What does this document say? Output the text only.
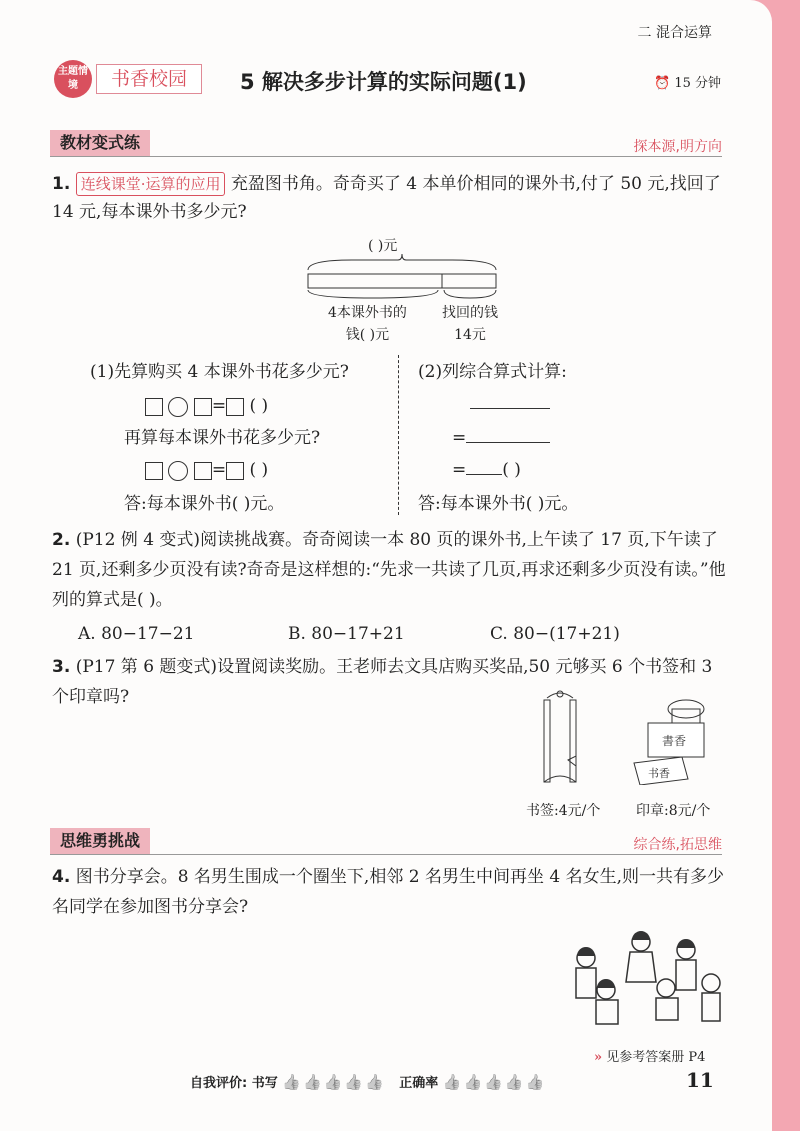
二 混合运算
主题情境	书香校园	5 解决多步计算的实际问题(1)	⏰ 15 分钟
教材变式练	探本源,明方向
1. 连线课堂·运算的应用 充盈图书角。奇奇买了 4 本单价相同的课外书,付了 50 元,找回了 14 元,每本课外书多少元?
( )元
4本课外书的
钱( )元
找回的钱
14元
(1)先算购买 4 本课外书花多少元?
= ( )
再算每本课外书花多少元?
= ( )
答:每本课外书( )元。
(2)列综合算式计算:
=
= ( )
答:每本课外书( )元。
2. (P12 例 4 变式)阅读挑战赛。奇奇阅读一本 80 页的课外书,上午读了 17 页,下午读了 21 页,还剩多少页没有读?奇奇是这样想的:“先求一共读了几页,再求还剩多少页没有读。”他列的算式是( )。
A. 80−17−21	B. 80−17+21	C. 80−(17+21)
3. (P17 第 6 题变式)设置阅读奖励。王老师去文具店购买奖品,50 元够买 6 个书签和 3 个印章吗?
書香
书香
书签:4元/个	印章:8元/个
思维勇挑战	综合练,拓思维
4. 图书分享会。8 名男生围成一个圈坐下,相邻 2 名男生中间再坐 4 名女生,则一共有多少名同学在参加图书分享会?
» 见参考答案册 P4
自我评价: 书写 👍 👍 👍 👍 👍 正确率 👍 👍 👍 👍 👍	11
